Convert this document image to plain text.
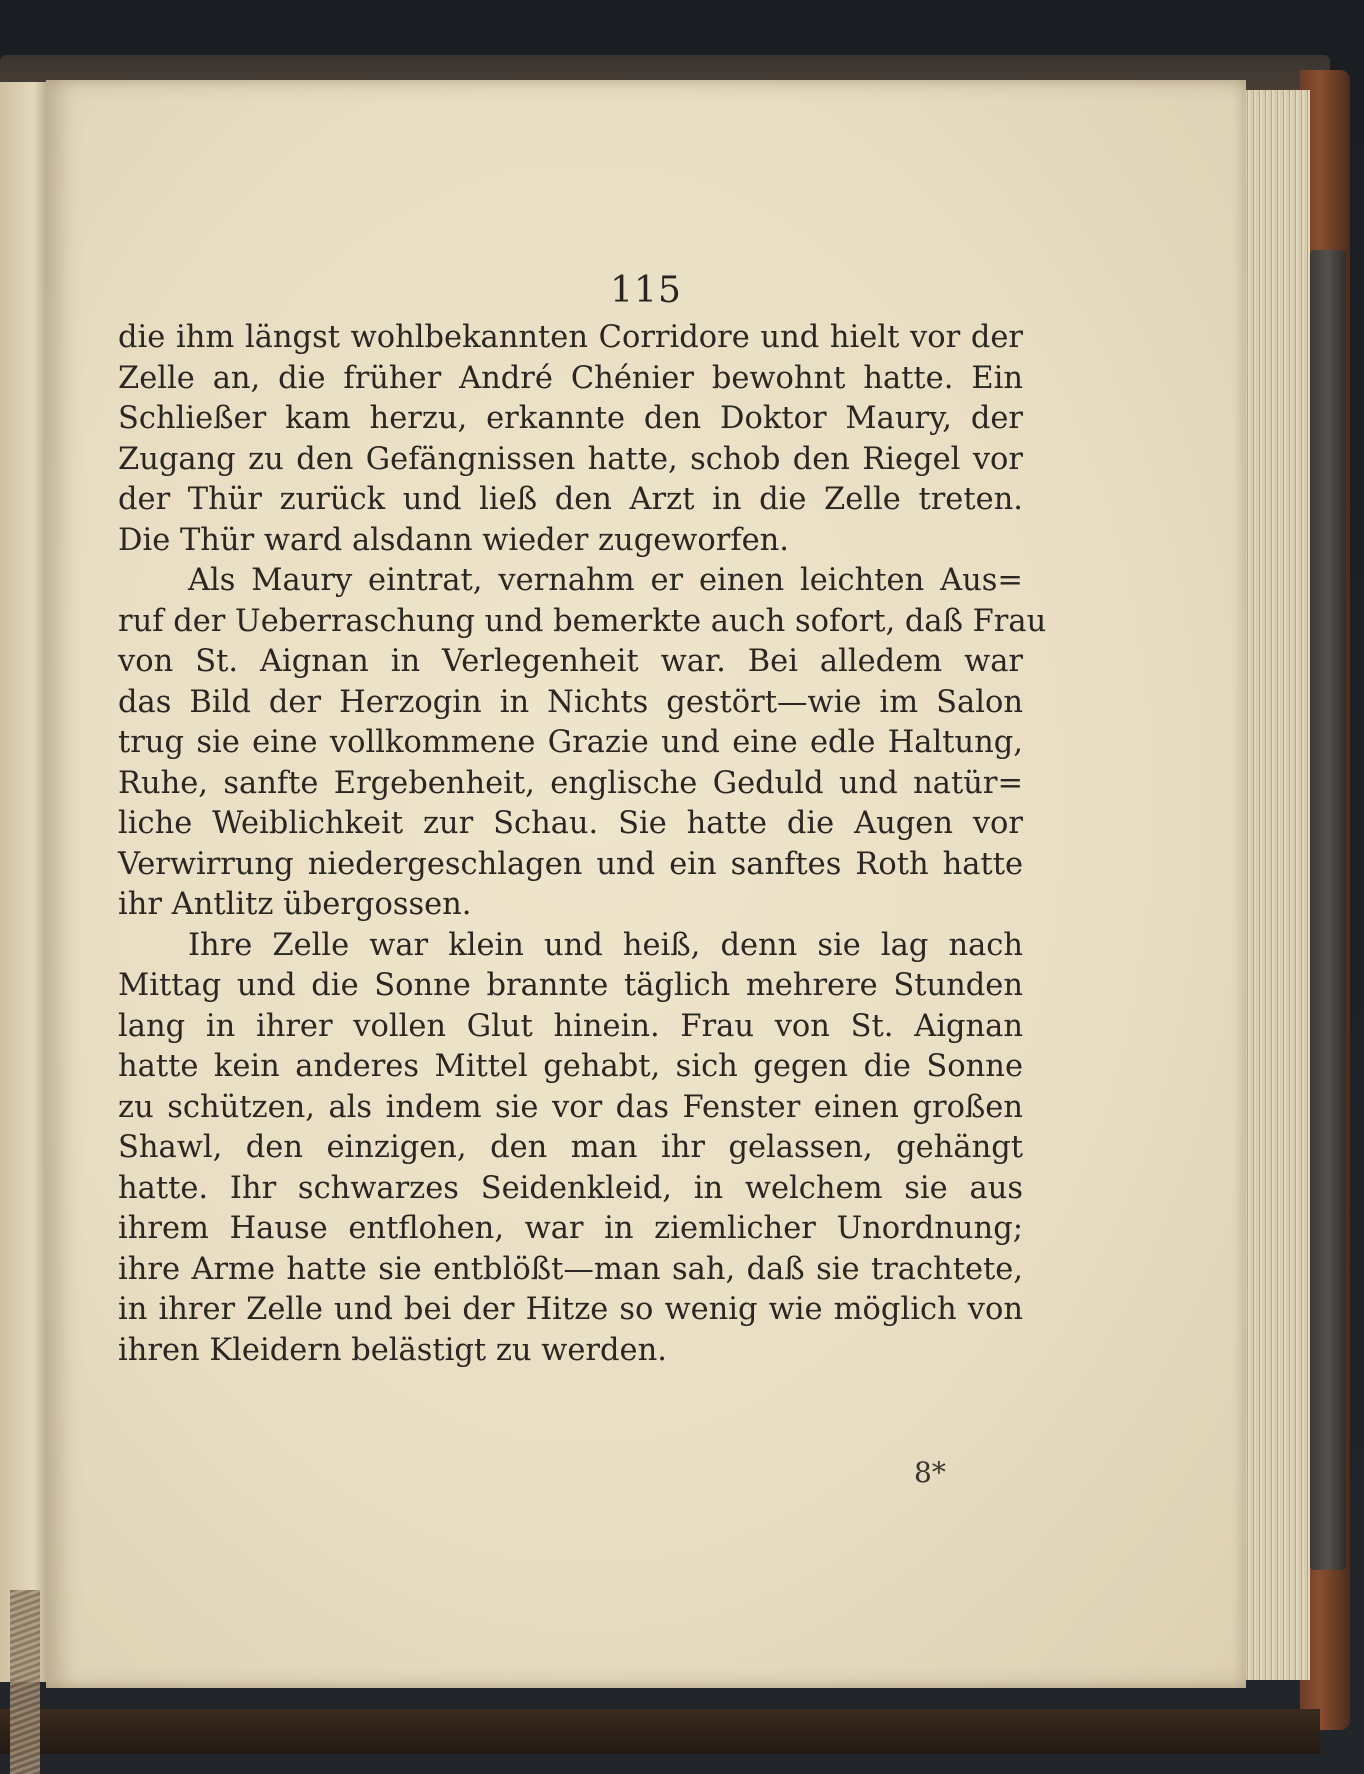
115
die ihm längst wohlbekannten Corridore und hielt vor der
Zelle an, die früher André Chénier bewohnt hatte. Ein
Schließer kam herzu, erkannte den Doktor Maury, der
Zugang zu den Gefängnissen hatte, schob den Riegel vor
der Thür zurück und ließ den Arzt in die Zelle treten.
Die Thür ward alsdann wieder zugeworfen.
Als Maury eintrat, vernahm er einen leichten Aus=
ruf der Ueberraschung und bemerkte auch sofort, daß Frau
von St. Aignan in Verlegenheit war. Bei alledem war
das Bild der Herzogin in Nichts gestört—wie im Salon
trug sie eine vollkommene Grazie und eine edle Haltung,
Ruhe, sanfte Ergebenheit, englische Geduld und natür=
liche Weiblichkeit zur Schau. Sie hatte die Augen vor
Verwirrung niedergeschlagen und ein sanftes Roth hatte
ihr Antlitz übergossen.
Ihre Zelle war klein und heiß, denn sie lag nach
Mittag und die Sonne brannte täglich mehrere Stunden
lang in ihrer vollen Glut hinein. Frau von St. Aignan
hatte kein anderes Mittel gehabt, sich gegen die Sonne
zu schützen, als indem sie vor das Fenster einen großen
Shawl, den einzigen, den man ihr gelassen, gehängt
hatte. Ihr schwarzes Seidenkleid, in welchem sie aus
ihrem Hause entflohen, war in ziemlicher Unordnung;
ihre Arme hatte sie entblößt—man sah, daß sie trachtete,
in ihrer Zelle und bei der Hitze so wenig wie möglich von
ihren Kleidern belästigt zu werden.
8*
